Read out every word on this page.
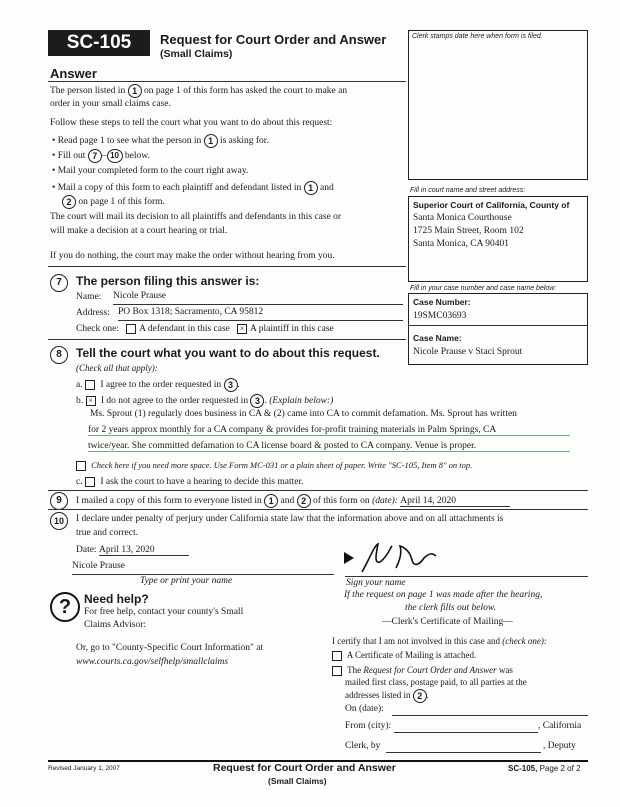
SC-105	Request for Court Order and Answer
(Small Claims)
Clerk stamps date here when form is filed.
Fill in court name and street address:
Superior Court of California, County of
Santa Monica Courthouse
1725 Main Street, Room 102
Santa Monica, CA 90401
Fill in your case number and case name below:
Case Number:
19SMC03693
Case Name:
Nicole Prause v Staci Sprout
Answer
The person listed in 1 on page 1 of this form has asked the court to make an
order in your small claims case.
Follow these steps to tell the court what you want to do about this request:
• Read page 1 to see what the person in 1 is asking for.
• Fill out 7 – 10 below.
• Mail your completed form to the court right away.
• Mail a copy of this form to each plaintiff and defendant listed in 1 and
2 on page 1 of this form.
The court will mail its decision to all plaintiffs and defendants in this case or
will make a decision at a court hearing or trial.
If you do nothing, the court may make the order without hearing from you.
7	The person filing this answer is:
Name: Nicole Prause
Address: PO Box 1318; Sacramento, CA 95812
Check one: A defendant in this case × A plaintiff in this case
8	Tell the court what you want to do about this request.
(Check all that apply):
a. I agree to the order requested in 3 .
b. × I do not agree to the order requested in 3 . (Explain below:)
Ms. Sprout (1) regularly does business in CA & (2) came into CA to commit defamation. Ms. Sprout has written
for 2 years approx monthly for a CA company & provides for-profit training materials in Palm Springs, CA
twice/year. She committed defamation to CA license board & posted to CA company. Venue is proper.
Check here if you need more space. Use Form MC-031 or a plain sheet of paper. Write "SC-105, Item 8" on top.
c. I ask the court to have a hearing to decide this matter.
9	I mailed a copy of this form to everyone listed in 1 and 2 of this form on (date): April 14, 2020
10	I declare under penalty of perjury under California state law that the information above and on all attachments is
true and correct.
Date: April 13, 2020
Nicole Prause
Type or print your name	Sign your name
?	Need help?
For free help, contact your county's Small
Claims Advisor:
Or, go to "County-Specific Court Information" at
www.courts.ca.gov/selfhelp/smallclaims
If the request on page 1 was made after the hearing,
the clerk fills out below.
—Clerk's Certificate of Mailing—
I certify that I am not involved in this case and (check one):
A Certificate of Mailing is attached.
The Request for Court Order and Answer was
mailed first class, postage paid, to all parties at the
addresses listed in 2 .
On (date):
From (city):	, California
Clerk, by	, Deputy
Revised January 1, 2007	Request for Court Order and Answer
(Small Claims)
SC-105, Page 2 of 2
